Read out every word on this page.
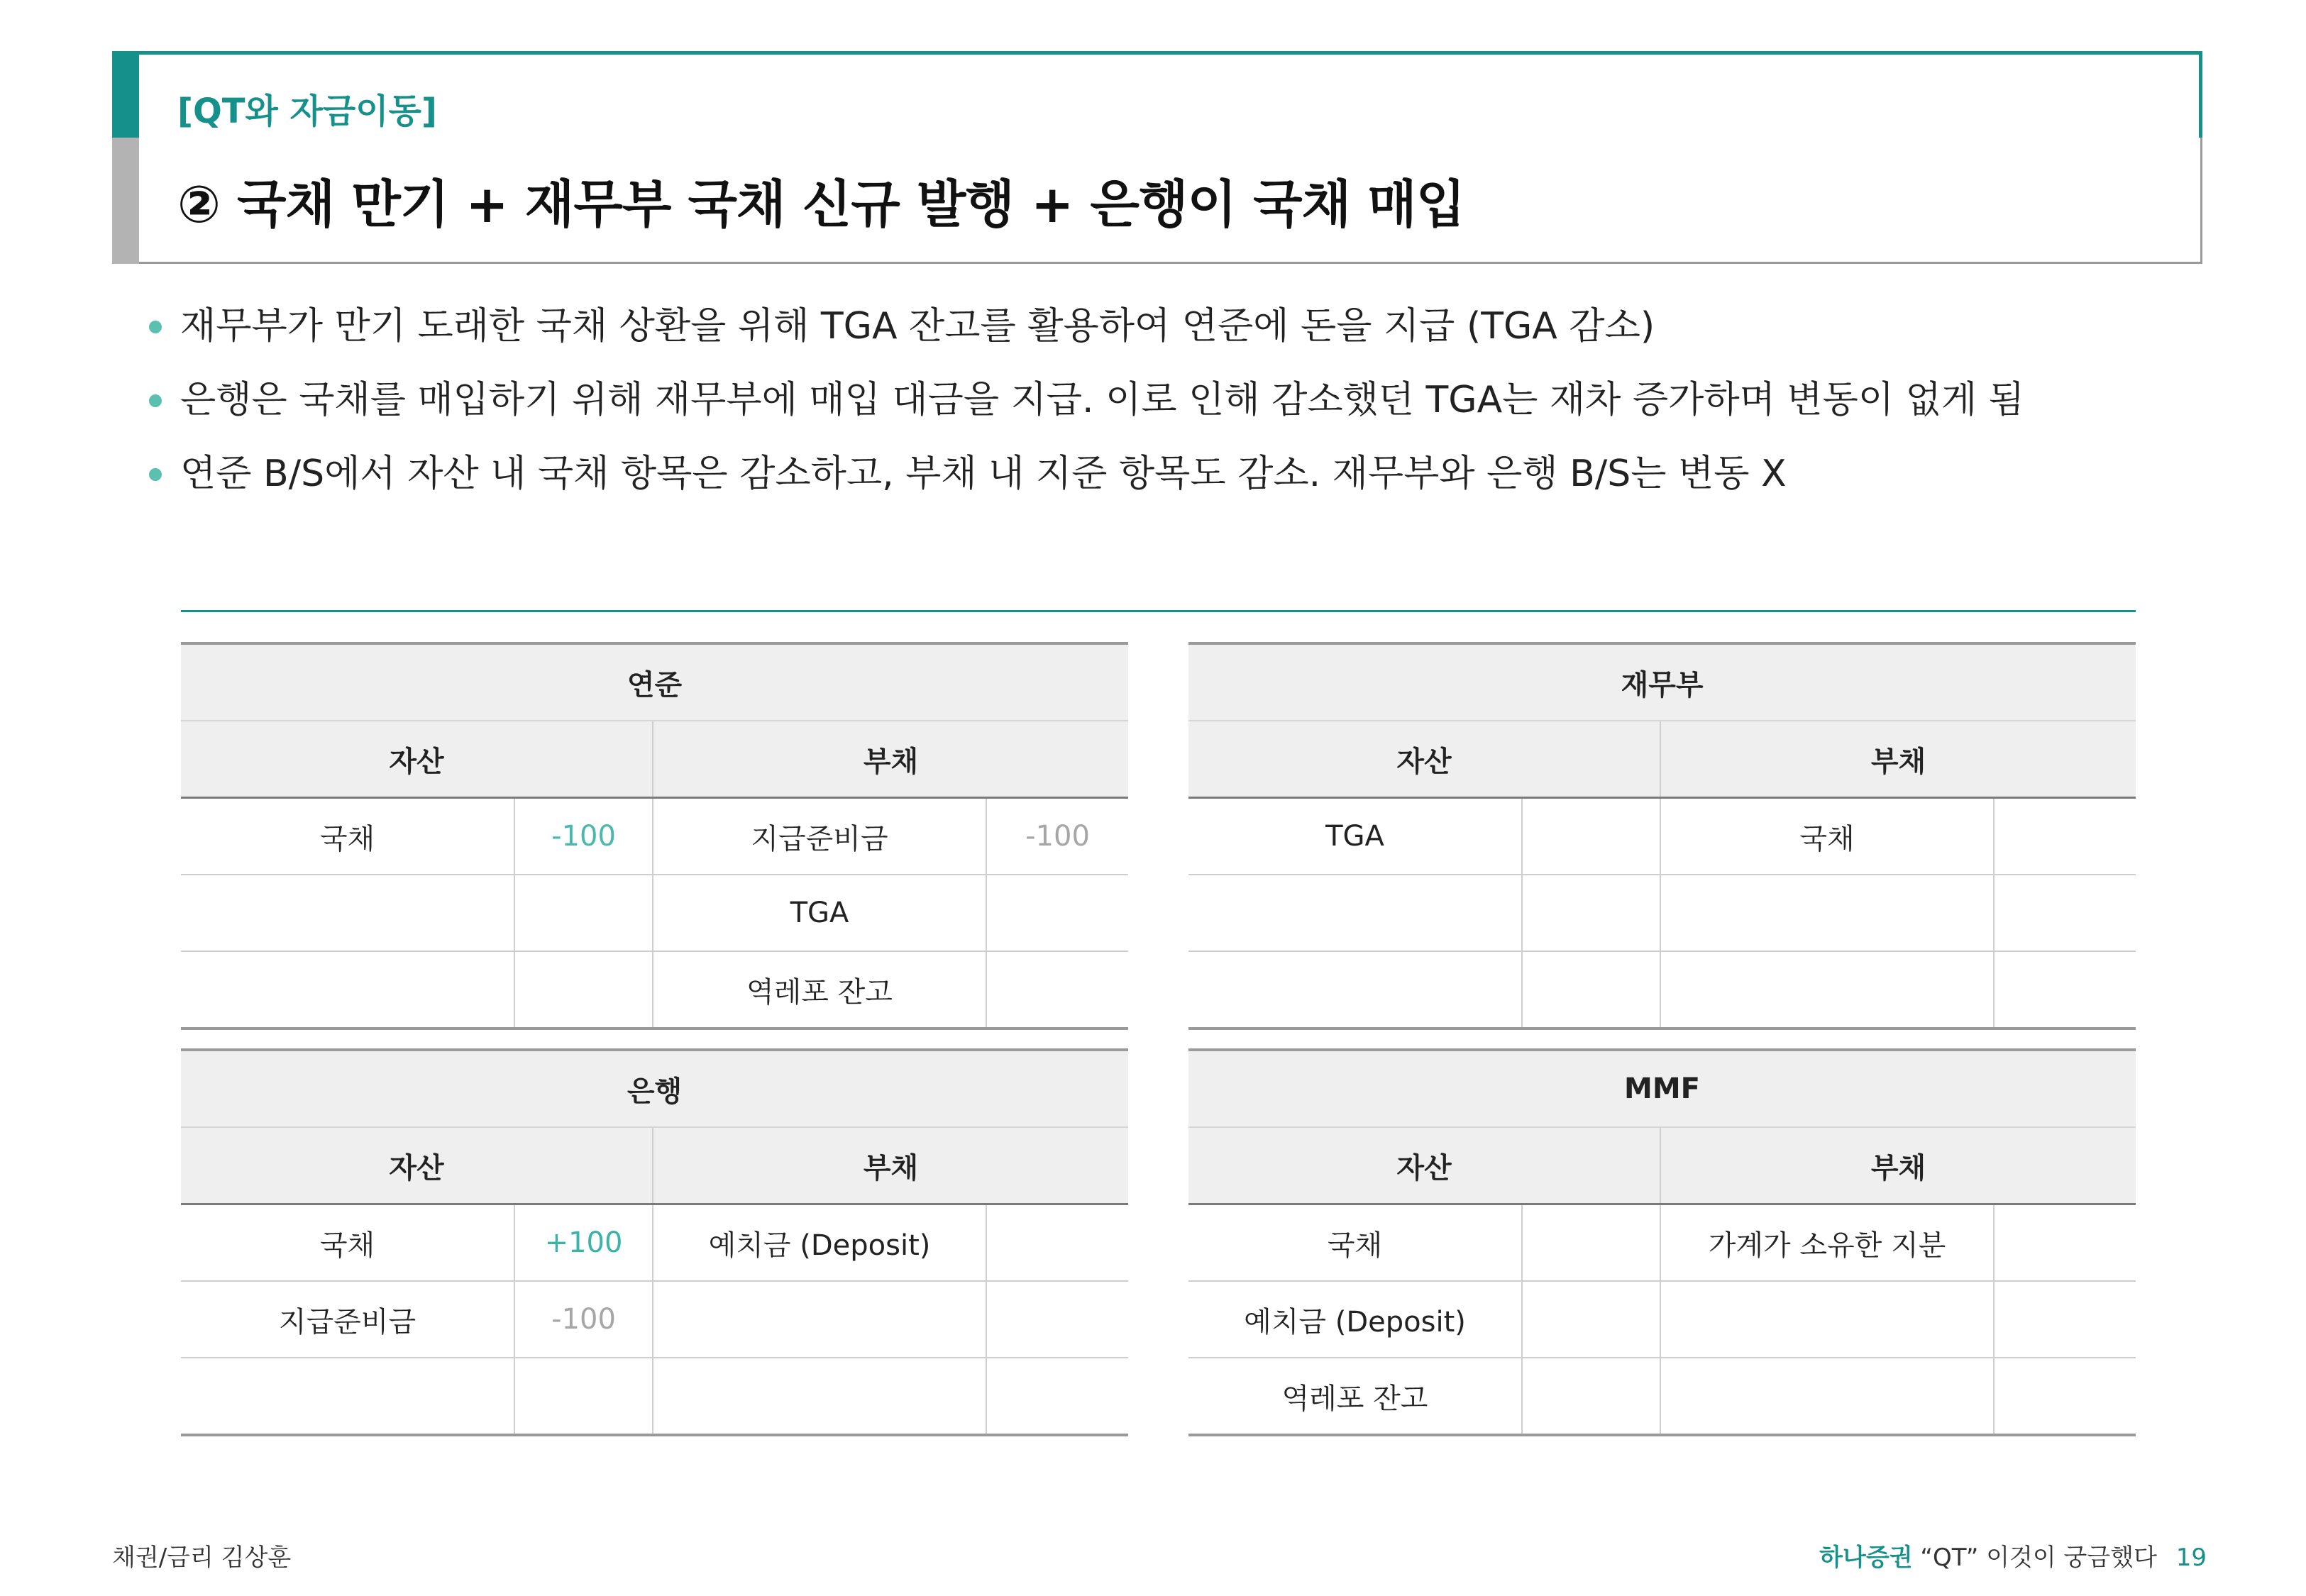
[QT와 자금이동]
② 국채 만기 + 재무부 국채 신규 발행 + 은행이 국채 매입
재무부가 만기 도래한 국채 상환을 위해 TGA 잔고를 활용하여 연준에 돈을 지급 (TGA 감소)
은행은 국채를 매입하기 위해 재무부에 매입 대금을 지급. 이로 인해 감소했던 TGA는 재차 증가하며 변동이 없게 됨
연준 B/S에서 자산 내 국채 항목은 감소하고, 부채 내 지준 항목도 감소. 재무부와 은행 B/S는 변동 X
연준			
자산		부채	
국채	-100	지급준비금	-100
		TGA	
		역레포 잔고	
재무부			
자산		부채	
TGA		국채	

은행			
자산		부채	
국채	+100	예치금 (Deposit)	
지급준비금	-100		

MMF			
자산		부채	
국채		가계가 소유한 지분	
예치금 (Deposit)			
역레포 잔고			
채권/금리 김상훈	하나증권 “QT” 이것이 궁금했다 19
